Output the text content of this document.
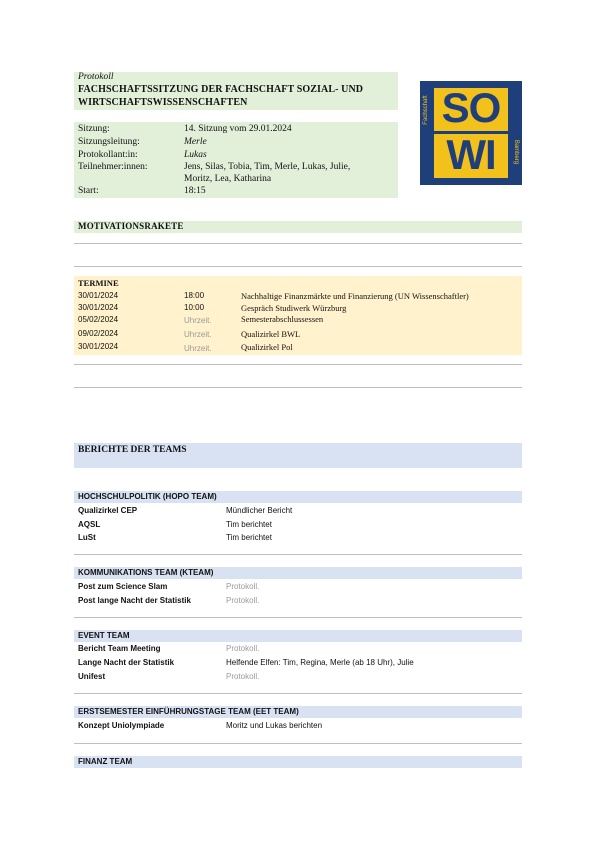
Protokoll
FACHSCHAFTSSITZUNG DER FACHSCHAFT SOZIAL- UND
WIRTSCHAFTSWISSENSCHAFTEN	SO
WI
Fachschaft
Bamberg
Sitzung:	14. Sitzung vom 29.01.2024
Sitzungsleitung:	Merle
Protokollant:in:	Lukas
Teilnehmer:innen:	Jens, Silas, Tobia, Tim, Merle, Lukas, Julie,
Moritz, Lea, Katharina
Start:	18:15
MOTIVATIONSRAKETE
TERMINE
30/01/2024	18:00	Nachhaltige Finanzmärkte und Finanzierung (UN Wissenschaftler)
30/01/2024	10:00	Gespräch Studiwerk Würzburg
05/02/2024	Uhrzeit.	Semesterabschlussessen
09/02/2024	Uhrzeit.	Qualizirkel BWL
30/01/2024	Uhrzeit.	Qualizirkel Pol
BERICHTE DER TEAMS
HOCHSCHULPOLITIK (HOPO TEAM)
Qualizirkel CEP	Mündlicher Bericht
AQSL	Tim berichtet
LuSt	Tim berichtet
KOMMUNIKATIONS TEAM (KTEAM)
Post zum Science Slam	Protokoll.
Post lange Nacht der Statistik	Protokoll.
EVENT TEAM
Bericht Team Meeting	Protokoll.
Lange Nacht der Statistik	Helfende Elfen: Tim, Regina, Merle (ab 18 Uhr), Julie
Unifest	Protokoll.
ERSTSEMESTER EINFÜHRUNGSTAGE TEAM (EET TEAM)
Konzept Uniolympiade	Moritz und Lukas berichten
FINANZ TEAM
